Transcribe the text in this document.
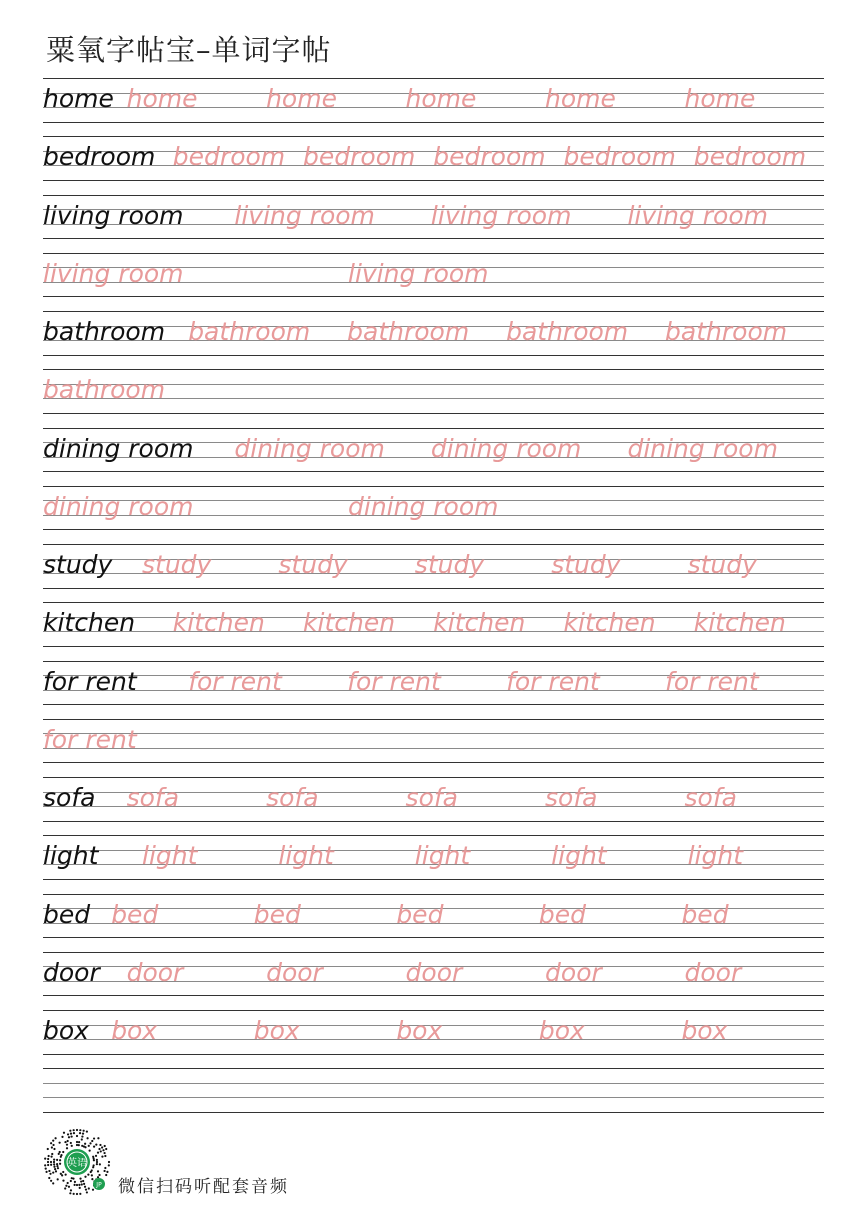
粟氧字帖宝–单词字帖
home home	home	home	home	home
bedroom bedroom bedroom bedroom bedroom bedroom
living room living room living room living room
living room	living room
bathroom bathroom bathroom bathroom bathroom
bathroom
dining room dining room dining room dining room
dining room	dining room
study study	study	study	study	study
kitchen kitchen kitchen kitchen kitchen kitchen
for rent for rent	for rent	for rent	for rent
for rent
sofa sofa	sofa	sofa	sofa	sofa
light light	light	light	light	light
bed bed	bed	bed	bed	bed
door door	door	door	door	door
box box	box	box	box	box
英语
JP 微信扫码听配套音频
